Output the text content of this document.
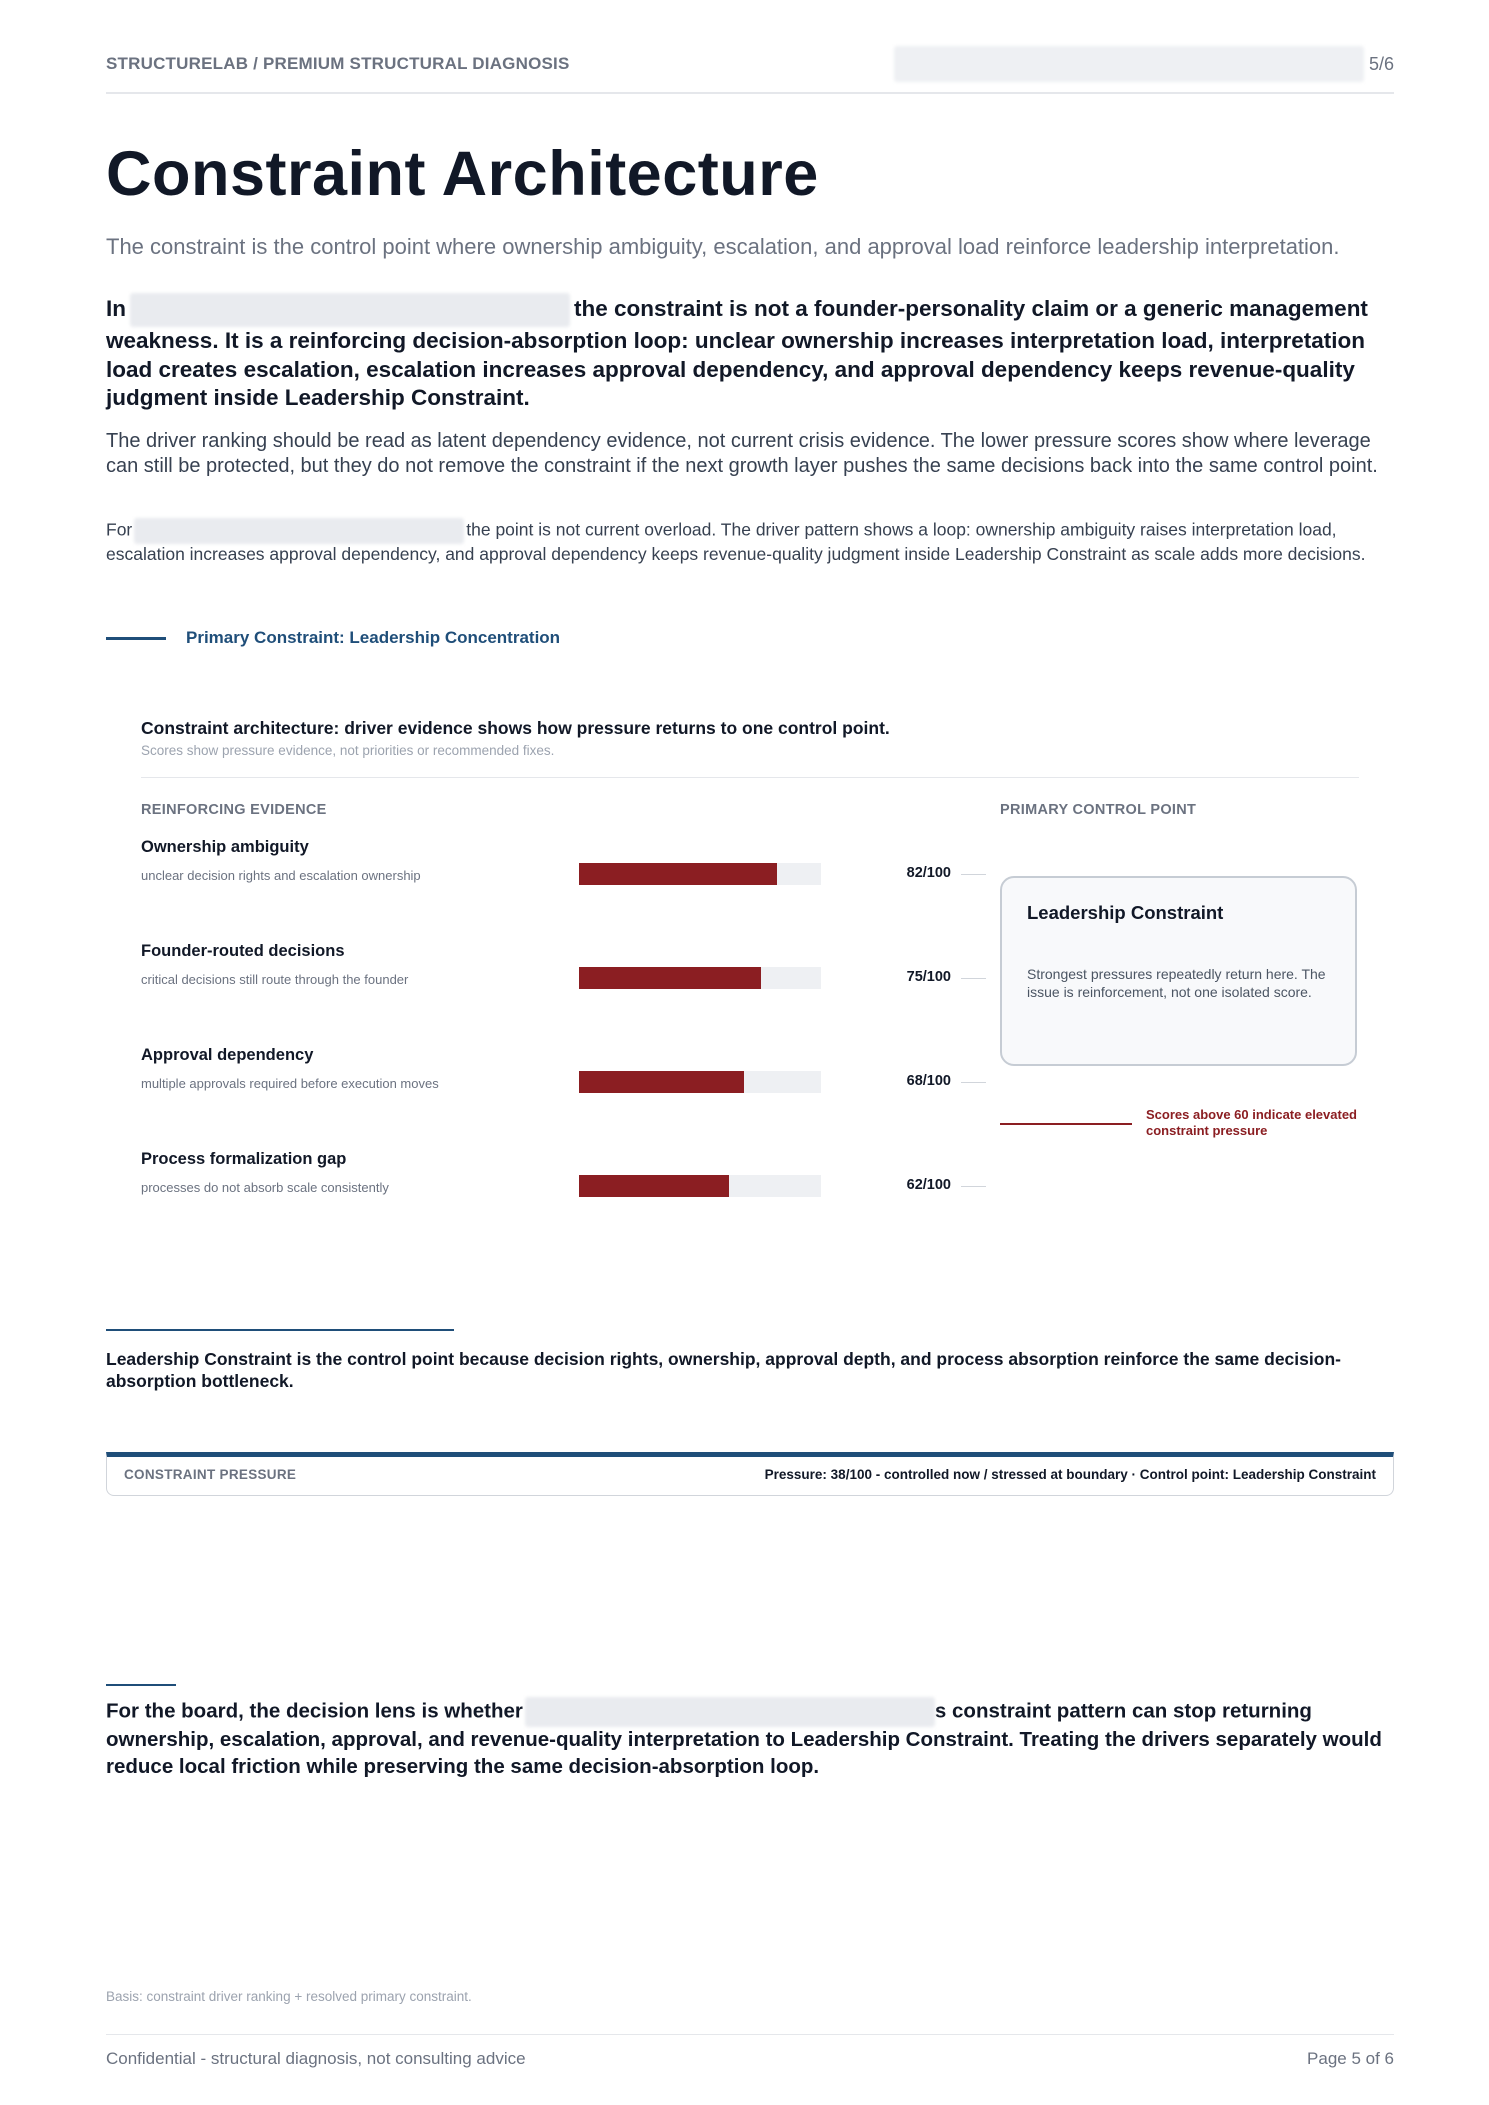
STRUCTURELAB / PREMIUM STRUCTURAL DIAGNOSIS	5/6
Constraint Architecture
The constraint is the control point where ownership ambiguity, escalation, and approval load reinforce leadership interpretation.
In	the constraint is not a founder-personality claim or a generic management weakness. It is a reinforcing decision-absorption loop: unclear ownership increases interpretation load, interpretation load creates escalation, escalation increases approval dependency, and approval dependency keeps revenue-quality judgment inside Leadership Constraint.
The driver ranking should be read as latent dependency evidence, not current crisis evidence. The lower pressure scores show where leverage can still be protected, but they do not remove the constraint if the next growth layer pushes the same decisions back into the same control point.
For	the point is not current overload. The driver pattern shows a loop: ownership ambiguity raises interpretation load, escalation increases approval dependency, and approval dependency keeps revenue-quality judgment inside Leadership Constraint as scale adds more decisions.
Primary Constraint: Leadership Concentration
Constraint architecture: driver evidence shows how pressure returns to one control point.
Scores show pressure evidence, not priorities or recommended fixes.
REINFORCING EVIDENCE	PRIMARY CONTROL POINT
Ownership ambiguity
unclear decision rights and escalation ownership	82/100
Founder-routed decisions
critical decisions still route through the founder	75/100
Approval dependency
multiple approvals required before execution moves	68/100
Process formalization gap
processes do not absorb scale consistently	62/100
Leadership Constraint
Strongest pressures repeatedly return here. The issue is reinforcement, not one isolated score.
Scores above 60 indicate elevated constraint pressure
Leadership Constraint is the control point because decision rights, ownership, approval depth, and process absorption reinforce the same decision-absorption bottleneck.
CONSTRAINT PRESSURE	Pressure: 38/100 - controlled now / stressed at boundary · Control point: Leadership Constraint
For the board, the decision lens is whether	s constraint pattern can stop returning ownership, escalation, approval, and revenue-quality interpretation to Leadership Constraint. Treating the drivers separately would reduce local friction while preserving the same decision-absorption loop.
Basis: constraint driver ranking + resolved primary constraint.
Confidential - structural diagnosis, not consulting advice	Page 5 of 6
